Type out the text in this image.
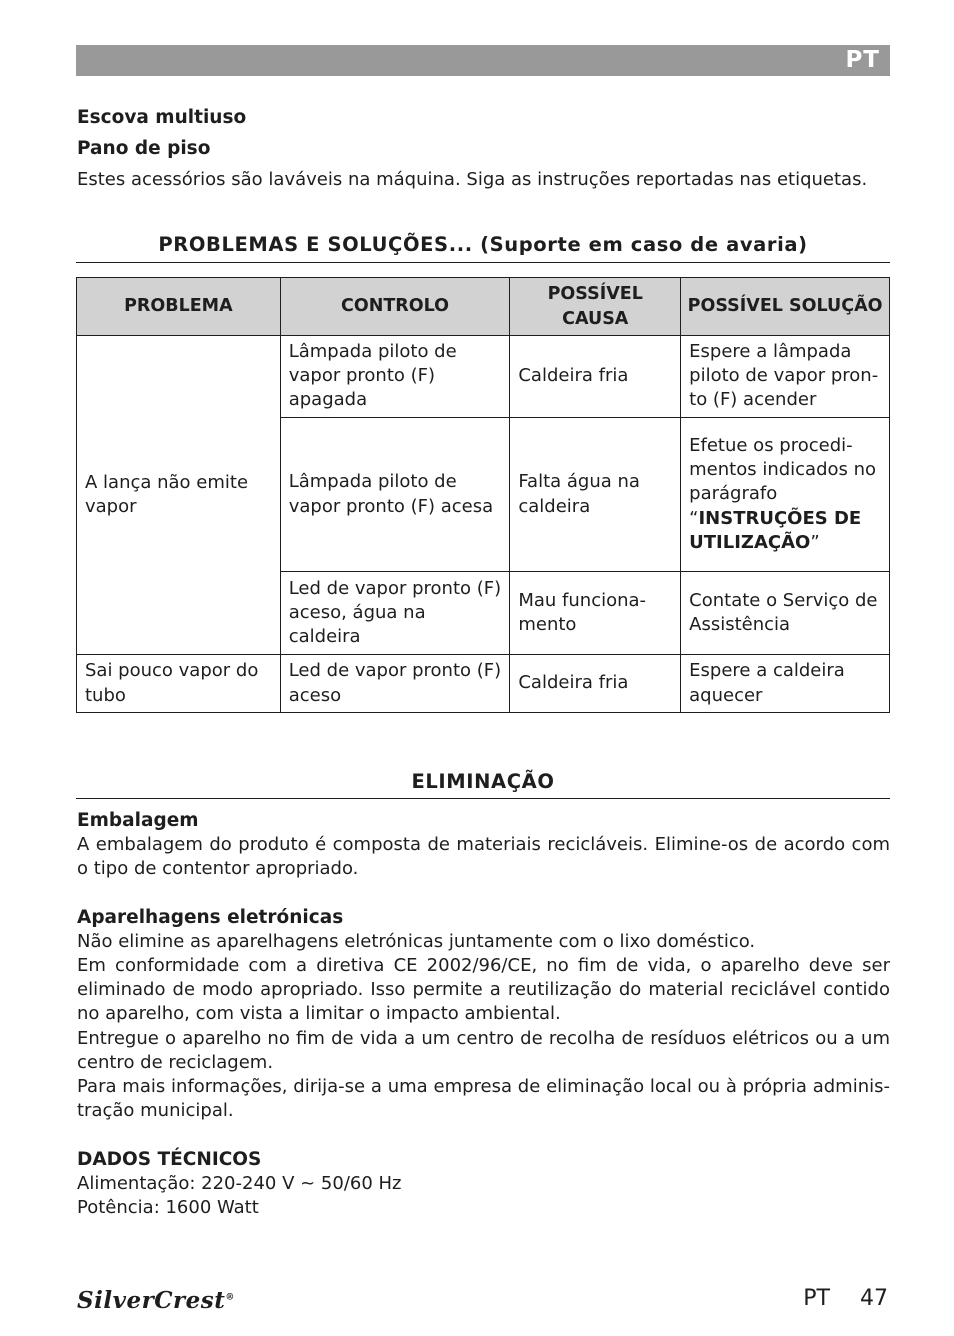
PT
Escova multiuso
Pano de piso
Estes acessórios são laváveis na máquina. Siga as instruções reportadas nas etiquetas.
PROBLEMAS E SOLUÇÕES... (Suporte em caso de avaria)
PROBLEMA	CONTROLO	POSSÍVEL CAUSA	POSSÍVEL SOLUÇÃO
A lança não emite vapor	Lâmpada piloto de vapor pronto (F) apagada	Caldeira fria	Espere a lâmpada piloto de vapor pron-to (F) acender
	Lâmpada piloto de vapor pronto (F) acesa	Falta água na caldeira	Efetue os procedi-mentos indicados no parágrafo “INSTRUÇÕES DE UTILIZAÇÃO”
	Led de vapor pronto (F) aceso, água na caldeira	Mau funciona-mento	Contate o Serviço de Assistência
Sai pouco vapor do tubo	Led de vapor pronto (F) aceso	Caldeira fria	Espere a caldeira aquecer
ELIMINAÇÃO
Embalagem
A embalagem do produto é composta de materiais recicláveis. Elimine-os de acordo com o tipo de contentor apropriado.
Aparelhagens eletrónicas
Não elimine as aparelhagens eletrónicas juntamente com o lixo doméstico.
Em conformidade com a diretiva CE 2002/96/CE, no fim de vida, o aparelho deve ser eliminado de modo apropriado. Isso permite a reutilização do material reciclável contido no aparelho, com vista a limitar o impacto ambiental.
Entregue o aparelho no fim de vida a um centro de recolha de resíduos elétricos ou a um centro de reciclagem.
Para mais informações, dirija-se a uma empresa de eliminação local ou à própria adminis-tração municipal.
DADOS TÉCNICOS
Alimentação: 220-240 V ~ 50/60 Hz
Potência: 1600 Watt
SilverCrest®	PT 47
